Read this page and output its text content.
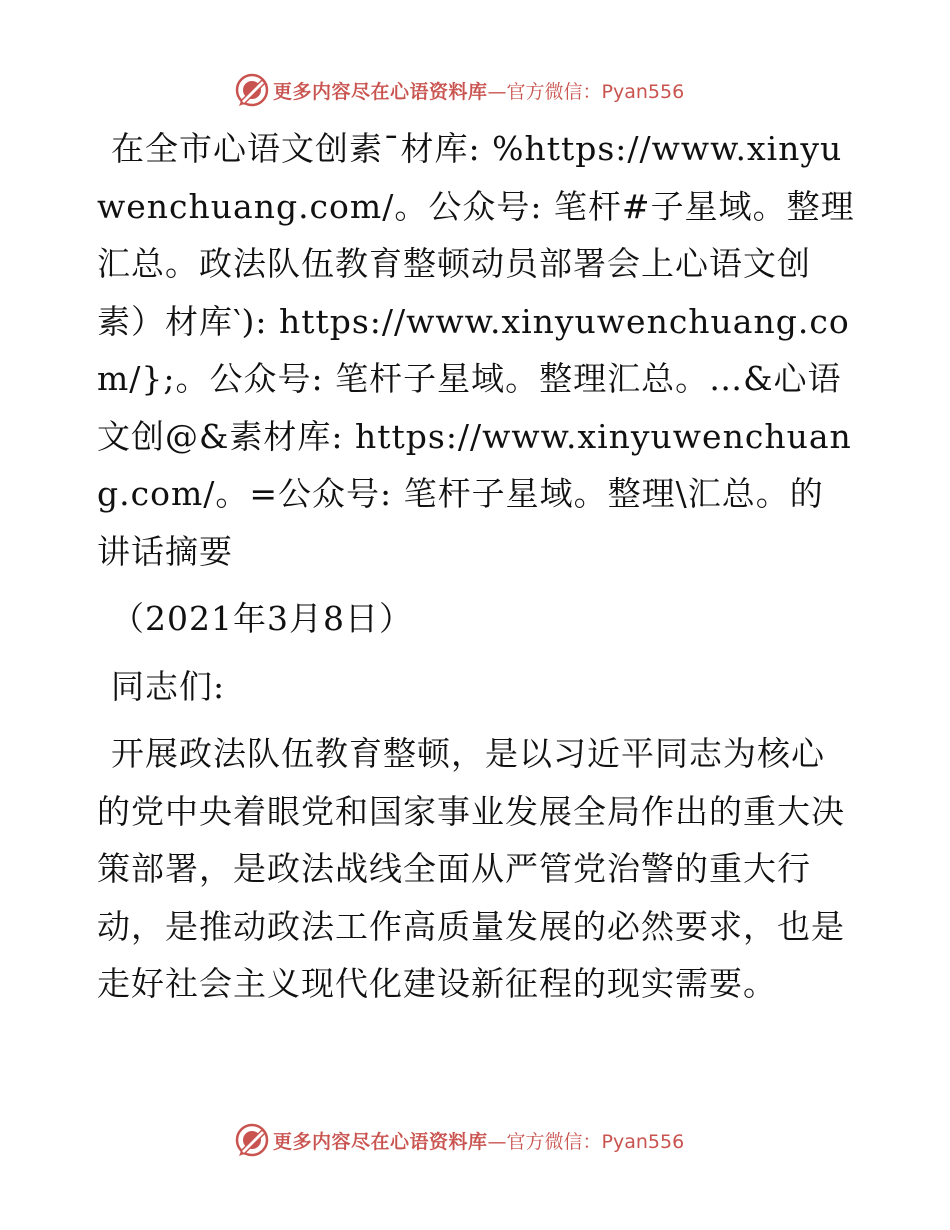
更多内容尽在心语资料库 —官方微信：Pyan556

在全市心语文创素¯材库: %https://www.xinyuwenchuang.com/。公众号: 笔杆#子星域。整理汇总。政法队伍教育整顿动员部署会上心语文创素）材库‵): https://www.xinyuwenchuang.com/};。公众号: 笔杆子星域。整理汇总。…&心语文创@&素材库: https://www.xinyuwenchuang.com/。=公众号: 笔杆子星域。整理\汇总。的讲话摘要

（2021年3月8日）

同志们:

开展政法队伍教育整顿，是以习近平同志为核心的党中央着眼党和国家事业发展全局作出的重大决策部署，是政法战线全面从严管党治警的重大行动，是推动政法工作高质量发展的必然要求，也是走好社会主义现代化建设新征程的现实需要。

更多内容尽在心语资料库 —官方微信：Pyan556
